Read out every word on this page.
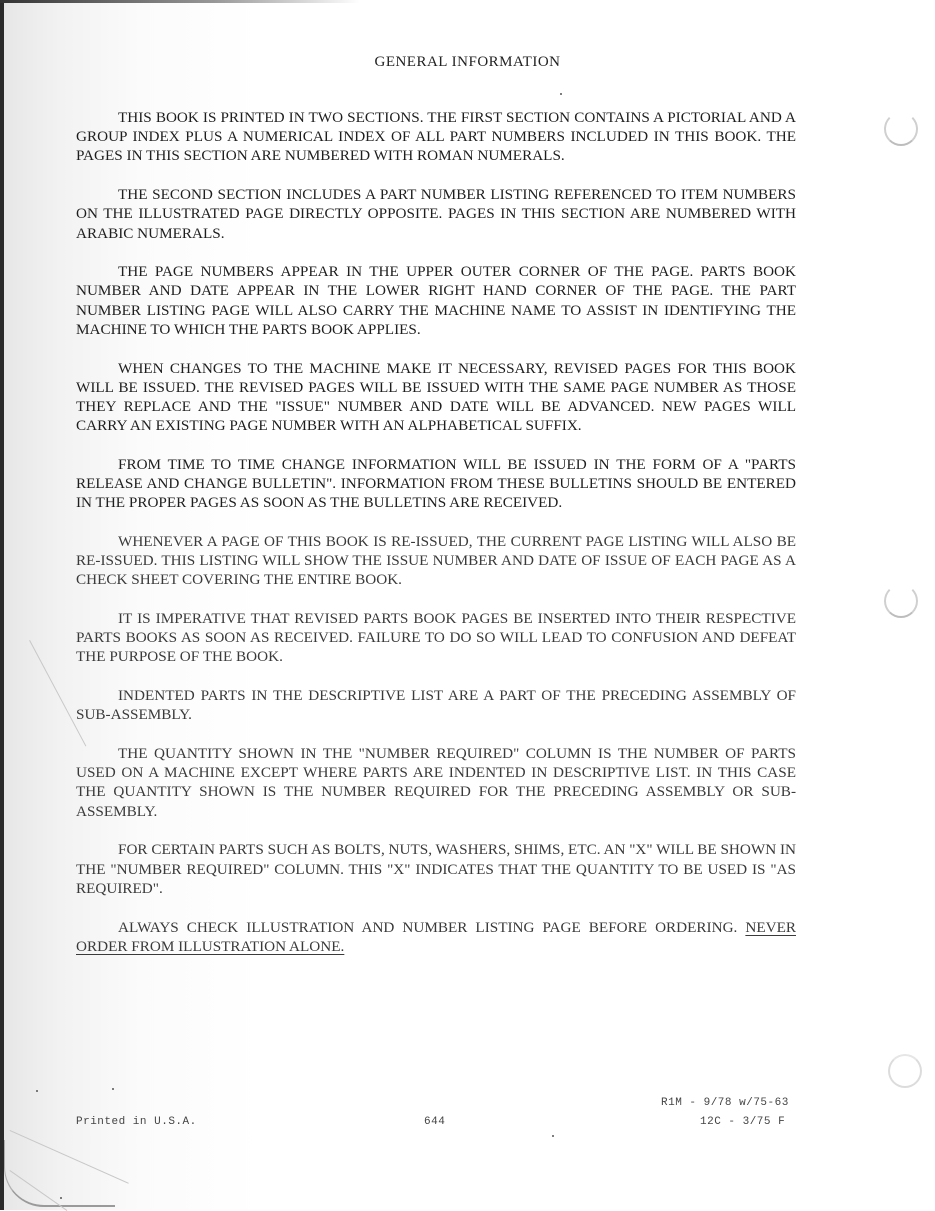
GENERAL INFORMATION

THIS BOOK IS PRINTED IN TWO SECTIONS. THE FIRST SECTION CONTAINS A PICTORIAL AND A GROUP INDEX PLUS A NUMERICAL INDEX OF ALL PART NUMBERS INCLUDED IN THIS BOOK. THE PAGES IN THIS SECTION ARE NUMBERED WITH ROMAN NUMERALS.

THE SECOND SECTION INCLUDES A PART NUMBER LISTING REFERENCED TO ITEM NUMBERS ON THE ILLUSTRATED PAGE DIRECTLY OPPOSITE. PAGES IN THIS SECTION ARE NUMBERED WITH ARABIC NUMERALS.

THE PAGE NUMBERS APPEAR IN THE UPPER OUTER CORNER OF THE PAGE. PARTS BOOK NUMBER AND DATE APPEAR IN THE LOWER RIGHT HAND CORNER OF THE PAGE. THE PART NUMBER LISTING PAGE WILL ALSO CARRY THE MACHINE NAME TO ASSIST IN IDENTIFYING THE MACHINE TO WHICH THE PARTS BOOK APPLIES.

WHEN CHANGES TO THE MACHINE MAKE IT NECESSARY, REVISED PAGES FOR THIS BOOK WILL BE ISSUED. THE REVISED PAGES WILL BE ISSUED WITH THE SAME PAGE NUMBER AS THOSE THEY REPLACE AND THE "ISSUE" NUMBER AND DATE WILL BE ADVANCED. NEW PAGES WILL CARRY AN EXISTING PAGE NUMBER WITH AN ALPHABETICAL SUFFIX.

FROM TIME TO TIME CHANGE INFORMATION WILL BE ISSUED IN THE FORM OF A "PARTS RELEASE AND CHANGE BULLETIN". INFORMATION FROM THESE BULLETINS SHOULD BE ENTERED IN THE PROPER PAGES AS SOON AS THE BULLETINS ARE RECEIVED.

WHENEVER A PAGE OF THIS BOOK IS RE-ISSUED, THE CURRENT PAGE LISTING WILL ALSO BE RE-ISSUED. THIS LISTING WILL SHOW THE ISSUE NUMBER AND DATE OF ISSUE OF EACH PAGE AS A CHECK SHEET COVERING THE ENTIRE BOOK.

IT IS IMPERATIVE THAT REVISED PARTS BOOK PAGES BE INSERTED INTO THEIR RESPECTIVE PARTS BOOKS AS SOON AS RECEIVED. FAILURE TO DO SO WILL LEAD TO CONFUSION AND DEFEAT THE PURPOSE OF THE BOOK.

INDENTED PARTS IN THE DESCRIPTIVE LIST ARE A PART OF THE PRECEDING ASSEMBLY OF SUB-ASSEMBLY.

THE QUANTITY SHOWN IN THE "NUMBER REQUIRED" COLUMN IS THE NUMBER OF PARTS USED ON A MACHINE EXCEPT WHERE PARTS ARE INDENTED IN DESCRIPTIVE LIST. IN THIS CASE THE QUANTITY SHOWN IS THE NUMBER REQUIRED FOR THE PRECEDING ASSEMBLY OR SUB-ASSEMBLY.

FOR CERTAIN PARTS SUCH AS BOLTS, NUTS, WASHERS, SHIMS, ETC. AN "X" WILL BE SHOWN IN THE "NUMBER REQUIRED" COLUMN. THIS "X" INDICATES THAT THE QUANTITY TO BE USED IS "AS REQUIRED".

ALWAYS CHECK ILLUSTRATION AND NUMBER LISTING PAGE BEFORE ORDERING. NEVER ORDER FROM ILLUSTRATION ALONE.

Printed in U.S.A.	644
R1M - 9/78 w/75-63
12C - 3/75 F
